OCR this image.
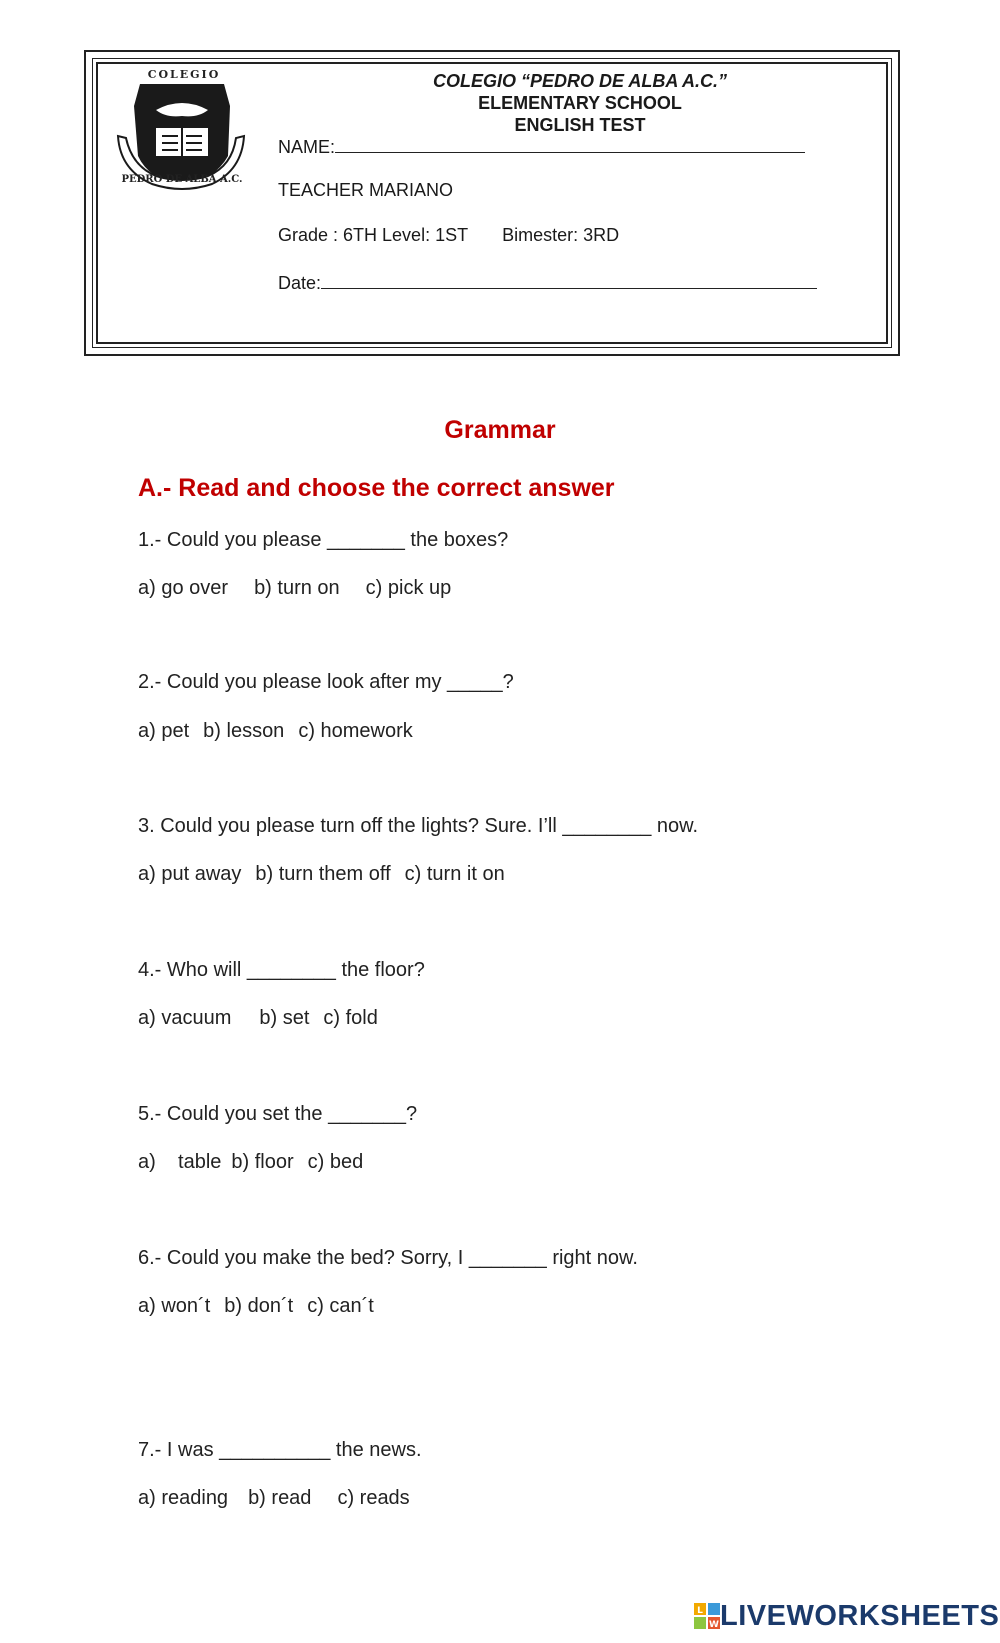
COLEGIO
PEDRO DE ALBA A.C.
COLEGIO “PEDRO DE ALBA A.C.”
ELEMENTARY SCHOOL
ENGLISH TEST
NAME:
TEACHER MARIANO
Grade : 6TH Level: 1ST Bimester: 3RD
Date:
Grammar
A.- Read and choose the correct answer
1.- Could you please _______ the boxes?
a) go over b) turn on c) pick up
2.- Could you please look after my _____?
a) pet b) lesson c) homework
3. Could you please turn off the lights? Sure. I’ll ________ now.
a) put away b) turn them off c) turn it on
4.- Who will ________ the floor?
a) vacuum b) set c) fold
5.- Could you set the _______?
a)    table b) floor c) bed
6.- Could you make the bed? Sorry, I _______ right now.
a) won´t b) don´t c) can´t
7.- I was __________ the news.
a) reading b) read c) reads
L
W LIVEWORKSHEETS
